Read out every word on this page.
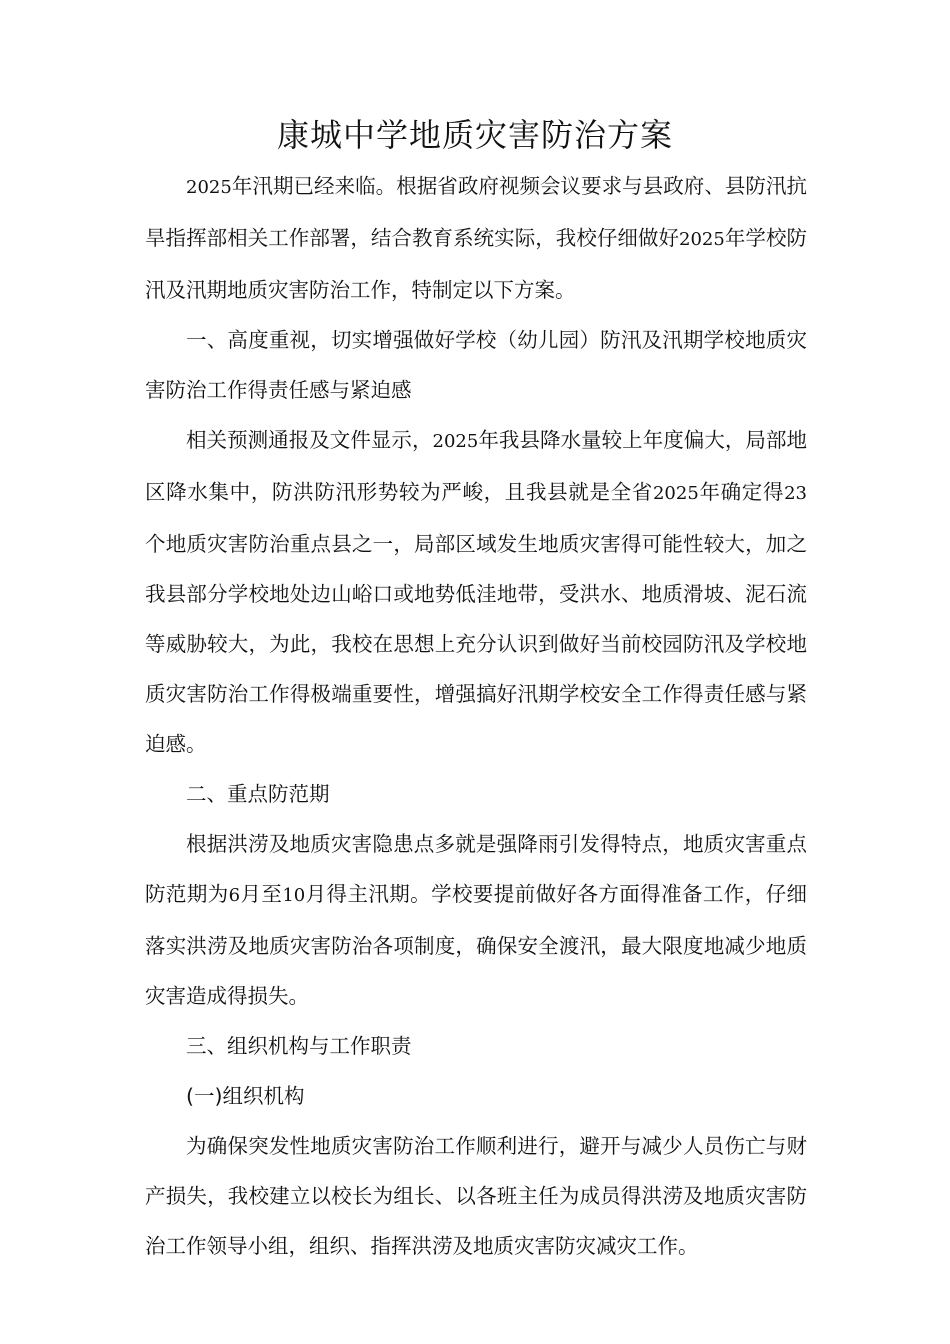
康城中学地质灾害防治方案

2025年汛期已经来临。根据省政府视频会议要求与县政府、县防汛抗旱指挥部相关工作部署，结合教育系统实际，我校仔细做好2025年学校防汛及汛期地质灾害防治工作，特制定以下方案。

一、高度重视，切实增强做好学校（幼儿园）防汛及汛期学校地质灾害防治工作得责任感与紧迫感

相关预测通报及文件显示，2025年我县降水量较上年度偏大，局部地区降水集中，防洪防汛形势较为严峻，且我县就是全省2025年确定得23个地质灾害防治重点县之一，局部区域发生地质灾害得可能性较大，加之我县部分学校地处边山峪口或地势低洼地带，受洪水、地质滑坡、泥石流等威胁较大，为此，我校在思想上充分认识到做好当前校园防汛及学校地质灾害防治工作得极端重要性，增强搞好汛期学校安全工作得责任感与紧迫感。

二、重点防范期

根据洪涝及地质灾害隐患点多就是强降雨引发得特点，地质灾害重点防范期为6月至10月得主汛期。学校要提前做好各方面得准备工作，仔细落实洪涝及地质灾害防治各项制度，确保安全渡汛，最大限度地减少地质灾害造成得损失。

三、组织机构与工作职责

(一)组织机构

为确保突发性地质灾害防治工作顺利进行，避开与减少人员伤亡与财产损失，我校建立以校长为组长、以各班主任为成员得洪涝及地质灾害防治工作领导小组，组织、指挥洪涝及地质灾害防灾减灾工作。
